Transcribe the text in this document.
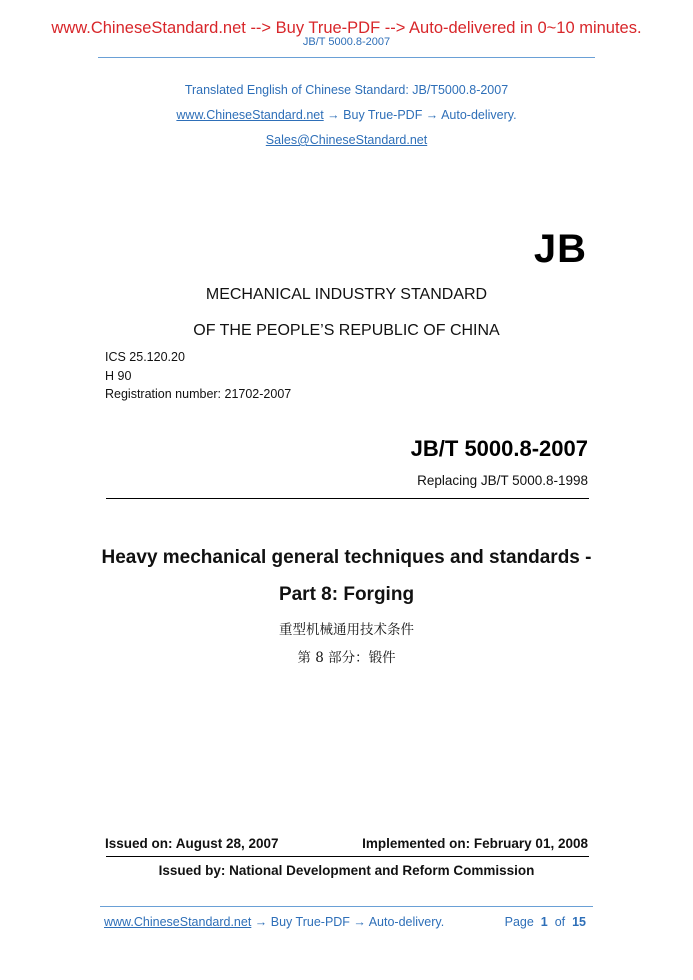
www.ChineseStandard.net --> Buy True-PDF --> Auto-delivered in 0~10 minutes.
JB/T 5000.8-2007
Translated English of Chinese Standard: JB/T5000.8-2007
www.ChineseStandard.net → Buy True-PDF → Auto-delivery.
Sales@ChineseStandard.net
JB
MECHANICAL INDUSTRY STANDARD
OF THE PEOPLE’S REPUBLIC OF CHINA
ICS 25.120.20
H 90
Registration number: 21702-2007
JB/T 5000.8-2007
Replacing JB/T 5000.8-1998
Heavy mechanical general techniques and standards -
Part 8: Forging
重型机械通用技术条件
第 8 部分：锻件
Issued on: August 28, 2007	Implemented on: February 01, 2008
Issued by: National Development and Reform Commission
www.ChineseStandard.net → Buy True-PDF → Auto-delivery.	Page 1 of 15
